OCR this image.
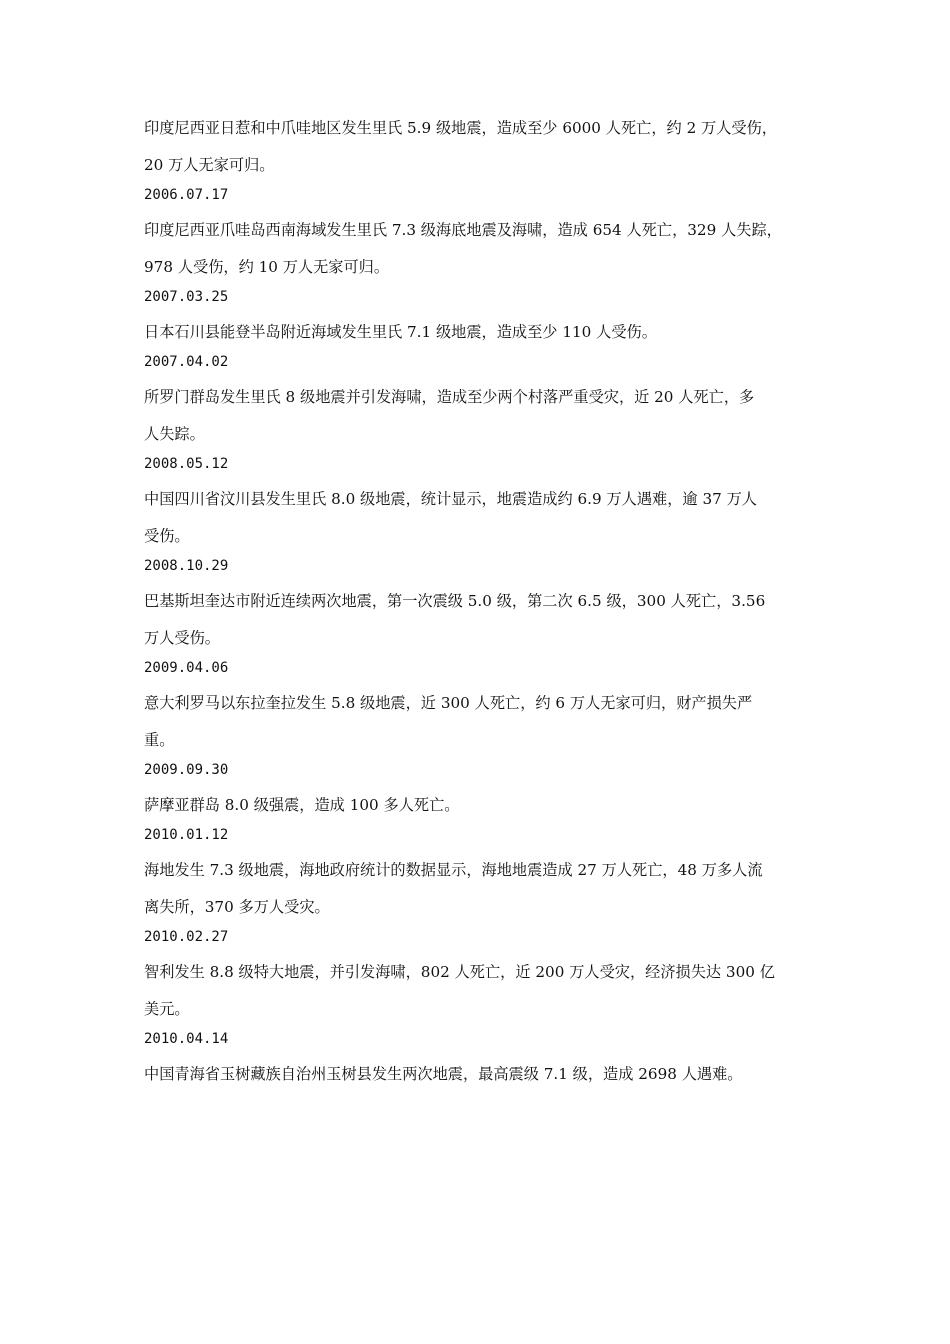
印度尼西亚日惹和中爪哇地区发生里氏 5.9 级地震，造成至少 6000 人死亡，约 2 万人受伤，
20 万人无家可归。
2006.07.17
印度尼西亚爪哇岛西南海域发生里氏 7.3 级海底地震及海啸，造成 654 人死亡，329 人失踪，
978 人受伤，约 10 万人无家可归。
2007.03.25
日本石川县能登半岛附近海域发生里氏 7.1 级地震，造成至少 110 人受伤。
2007.04.02
所罗门群岛发生里氏 8 级地震并引发海啸，造成至少两个村落严重受灾，近 20 人死亡，多
人失踪。
2008.05.12
中国四川省汶川县发生里氏 8.0 级地震，统计显示，地震造成约 6.9 万人遇难，逾 37 万人
受伤。
2008.10.29
巴基斯坦奎达市附近连续两次地震，第一次震级 5.0 级，第二次 6.5 级，300 人死亡，3.56
万人受伤。
2009.04.06
意大利罗马以东拉奎拉发生 5.8 级地震，近 300 人死亡，约 6 万人无家可归，财产损失严
重。
2009.09.30
萨摩亚群岛 8.0 级强震，造成 100 多人死亡。
2010.01.12
海地发生 7.3 级地震，海地政府统计的数据显示，海地地震造成 27 万人死亡，48 万多人流
离失所，370 多万人受灾。
2010.02.27
智利发生 8.8 级特大地震，并引发海啸，802 人死亡，近 200 万人受灾，经济损失达 300 亿
美元。
2010.04.14
中国青海省玉树藏族自治州玉树县发生两次地震，最高震级 7.1 级，造成 2698 人遇难。
